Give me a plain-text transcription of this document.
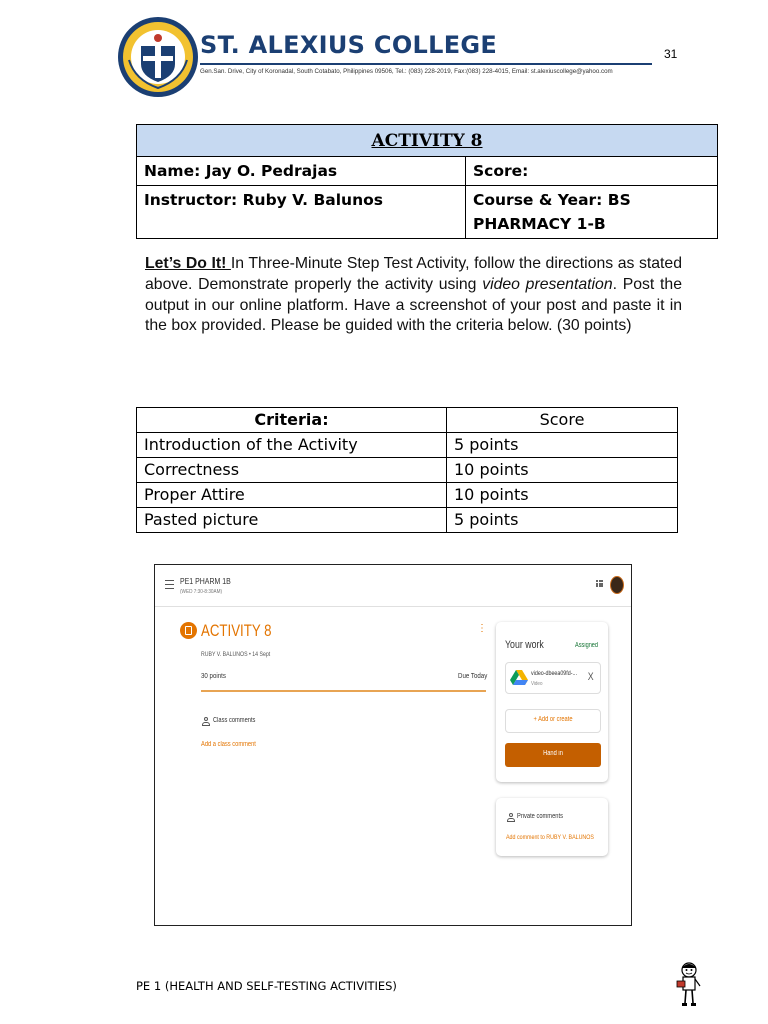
ST. ALEXIUS COLLEGE
Gen.San. Drive, City of Koronadal, South Cotabato, Philippines 09506, Tel.: (083) 228-2019, Fax:(083) 228-4015, Email: st.alexiuscollege@yahoo.com
31
ACTIVITY 8	
Name: Jay O. Pedrajas	Score:
Instructor: Ruby V. Balunos	Course & Year: BS
PHARMACY 1-B

Let’s Do It! In Three-Minute Step Test Activity, follow the directions as stated above. Demonstrate properly the activity using video presentation. Post the output in our online platform. Have a screenshot of your post and paste it in the box provided. Please be guided with the criteria below. (30 points)

Criteria:	Score
Introduction of the Activity	5 points
Correctness	10 points
Proper Attire	10 points
Pasted picture	5 points
PE1 PHARM 1B
(WED 7:30-8:30AM)
ACTIVITY 8	⋮
RUBY V. BALUNOS • 14 Sept
30 points	Due Today
Class comments
Add a class comment
Your work	Assigned
video-dbeea09fd-...
Video
X
+ Add or create
Hand in
Private comments
Add comment to RUBY V. BALUNOS
PE 1 (HEALTH AND SELF-TESTING ACTIVITIES)
